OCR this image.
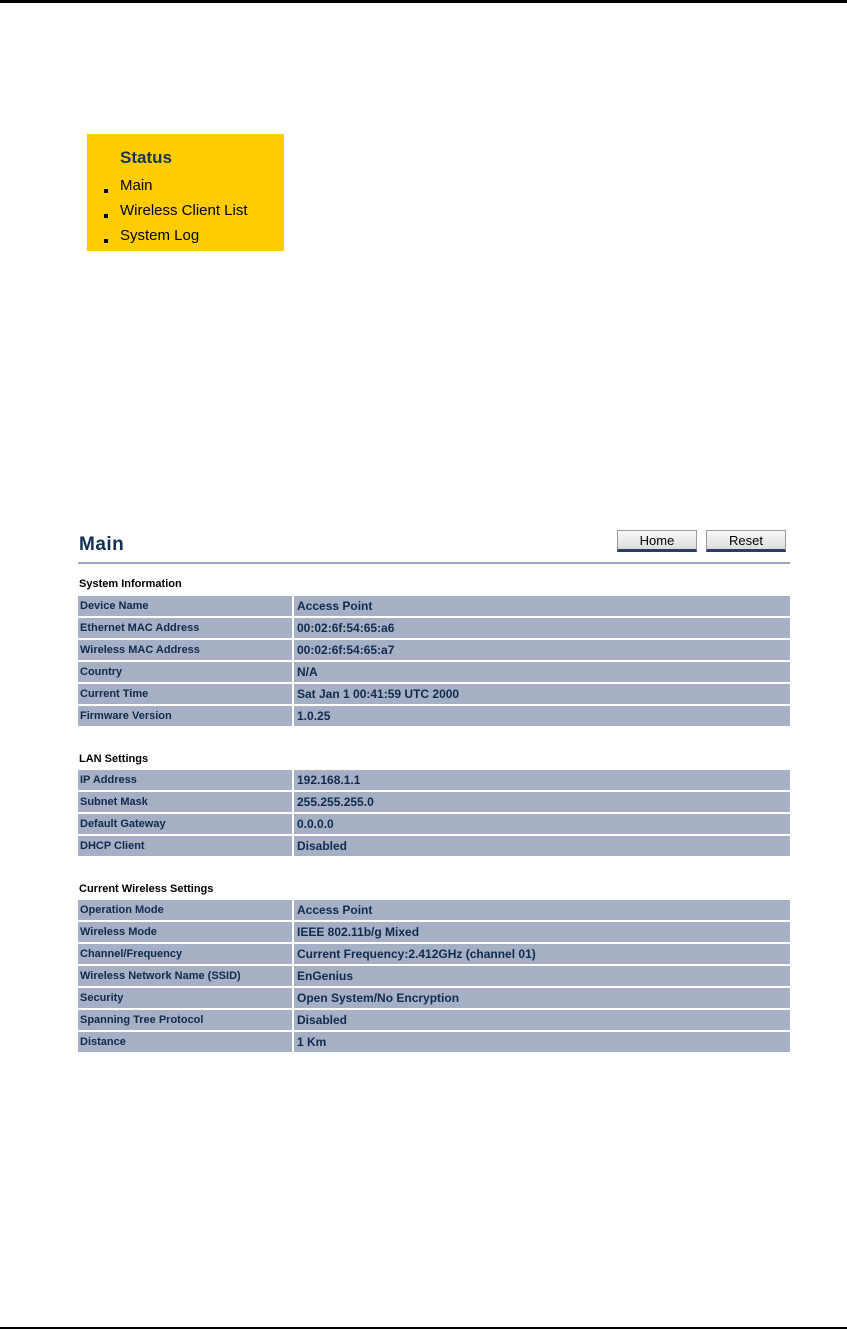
Status
Main
Wireless Client List
System Log
Main	Home	Reset
System Information
Device Name	Access Point
Ethernet MAC Address	00:02:6f:54:65:a6
Wireless MAC Address	00:02:6f:54:65:a7
Country	N/A
Current Time	Sat Jan 1 00:41:59 UTC 2000
Firmware Version	1.0.25
LAN Settings
IP Address	192.168.1.1
Subnet Mask	255.255.255.0
Default Gateway	0.0.0.0
DHCP Client	Disabled
Current Wireless Settings
Operation Mode	Access Point
Wireless Mode	IEEE 802.11b/g Mixed
Channel/Frequency	Current Frequency:2.412GHz (channel 01)
Wireless Network Name (SSID)	EnGenius
Security	Open System/No Encryption
Spanning Tree Protocol	Disabled
Distance	1 Km
